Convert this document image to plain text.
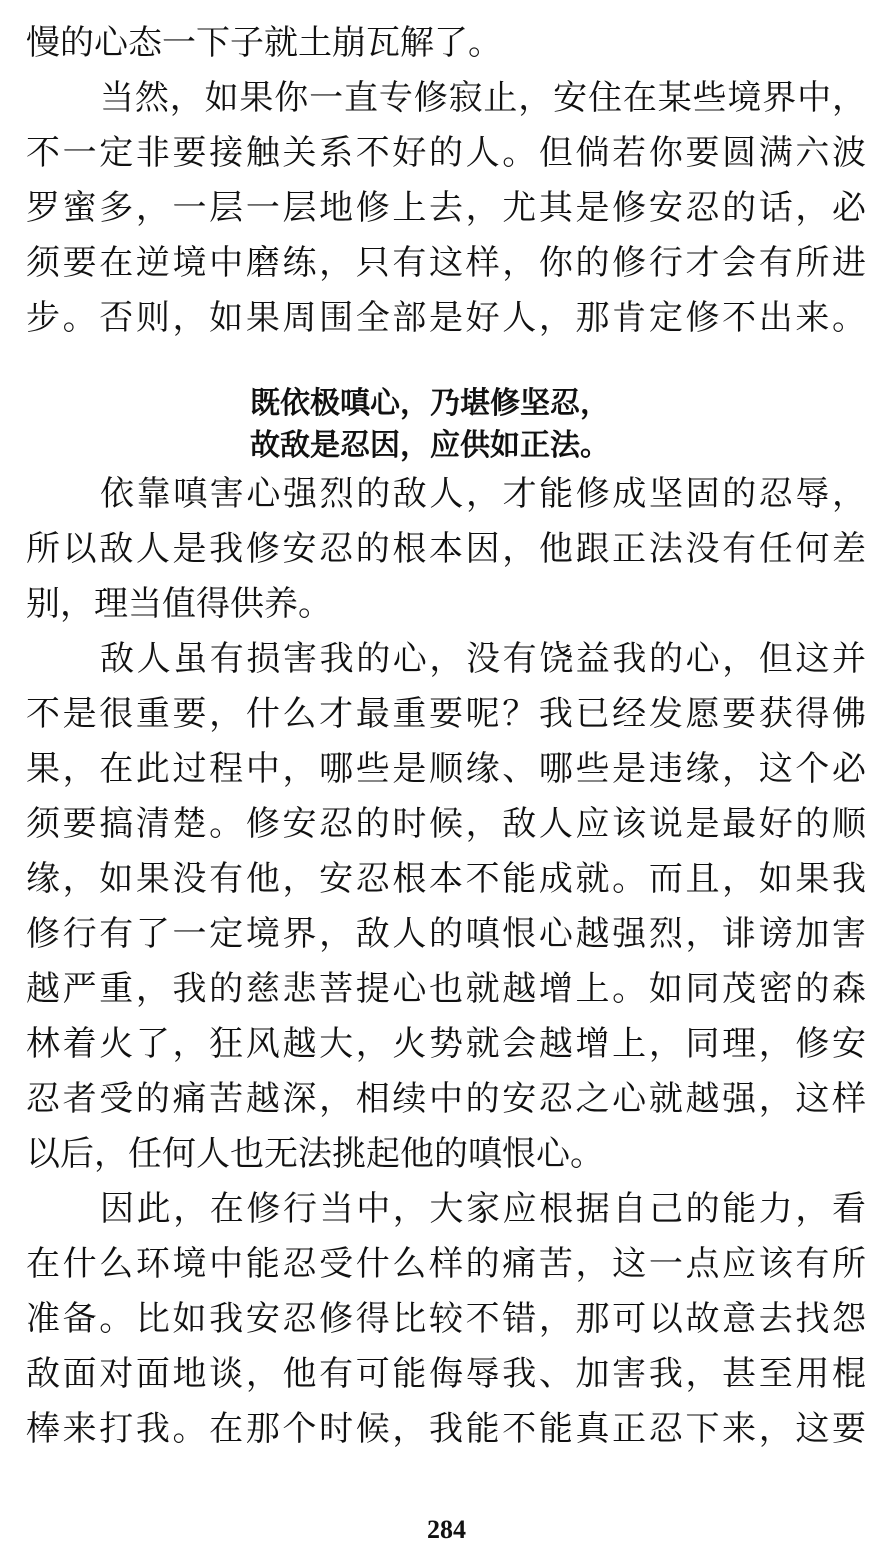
慢的心态一下子就土崩瓦解了。
当然，如果你一直专修寂止，安住在某些境界中，
不一定非要接触关系不好的人。但倘若你要圆满六波
罗蜜多，一层一层地修上去，尤其是修安忍的话，必
须要在逆境中磨练，只有这样，你的修行才会有所进
步。否则，如果周围全部是好人，那肯定修不出来。
既依极嗔心，乃堪修坚忍，
故敌是忍因，应供如正法。
依靠嗔害心强烈的敌人，才能修成坚固的忍辱，
所以敌人是我修安忍的根本因，他跟正法没有任何差
别，理当值得供养。
敌人虽有损害我的心，没有饶益我的心，但这并
不是很重要，什么才最重要呢？我已经发愿要获得佛
果，在此过程中，哪些是顺缘、哪些是违缘，这个必
须要搞清楚。修安忍的时候，敌人应该说是最好的顺
缘，如果没有他，安忍根本不能成就。而且，如果我
修行有了一定境界，敌人的嗔恨心越强烈，诽谤加害
越严重，我的慈悲菩提心也就越增上。如同茂密的森
林着火了，狂风越大，火势就会越增上，同理，修安
忍者受的痛苦越深，相续中的安忍之心就越强，这样
以后，任何人也无法挑起他的嗔恨心。
因此，在修行当中，大家应根据自己的能力，看
在什么环境中能忍受什么样的痛苦，这一点应该有所
准备。比如我安忍修得比较不错，那可以故意去找怨
敌面对面地谈，他有可能侮辱我、加害我，甚至用棍
棒来打我。在那个时候，我能不能真正忍下来，这要
284
